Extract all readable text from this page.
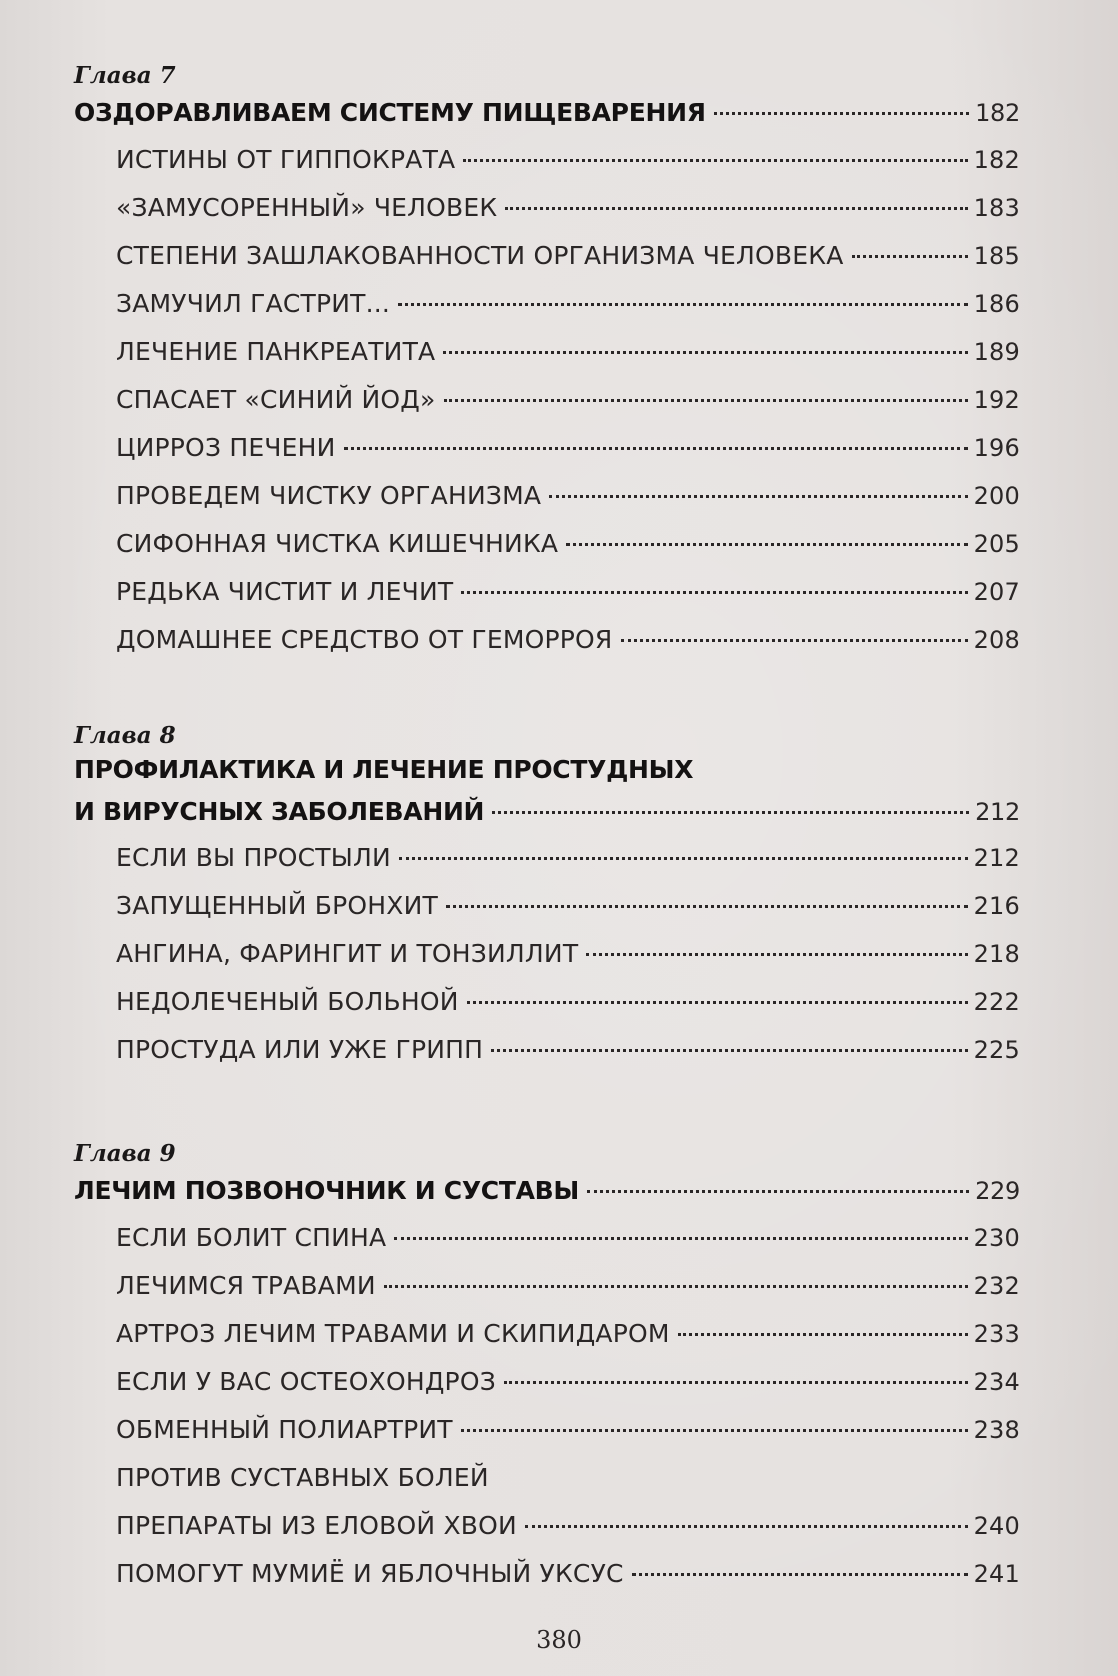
Глава 7
ОЗДОРАВЛИВАЕМ СИСТЕМУ ПИЩЕВАРЕНИЯ	182
ИСТИНЫ ОТ ГИППОКРАТА	182
«ЗАМУСОРЕННЫЙ» ЧЕЛОВЕК	183
СТЕПЕНИ ЗАШЛАКОВАННОСТИ ОРГАНИЗМА ЧЕЛОВЕКА	185
ЗАМУЧИЛ ГАСТРИТ...	186
ЛЕЧЕНИЕ ПАНКРЕАТИТА	189
СПАСАЕТ «СИНИЙ ЙОД»	192
ЦИРРОЗ ПЕЧЕНИ	196
ПРОВЕДЕМ ЧИСТКУ ОРГАНИЗМА	200
СИФОННАЯ ЧИСТКА КИШЕЧНИКА	205
РЕДЬКА ЧИСТИТ И ЛЕЧИТ	207
ДОМАШНЕЕ СРЕДСТВО ОТ ГЕМОРРОЯ	208
Глава 8
ПРОФИЛАКТИКА И ЛЕЧЕНИЕ ПРОСТУДНЫХ
И ВИРУСНЫХ ЗАБОЛЕВАНИЙ	212
ЕСЛИ ВЫ ПРОСТЫЛИ	212
ЗАПУЩЕННЫЙ БРОНХИТ	216
АНГИНА, ФАРИНГИТ И ТОНЗИЛЛИТ	218
НЕДОЛЕЧЕНЫЙ БОЛЬНОЙ	222
ПРОСТУДА ИЛИ УЖЕ ГРИПП	225
Глава 9
ЛЕЧИМ ПОЗВОНОЧНИК И СУСТАВЫ	229
ЕСЛИ БОЛИТ СПИНА	230
ЛЕЧИМСЯ ТРАВАМИ	232
АРТРОЗ ЛЕЧИМ ТРАВАМИ И СКИПИДАРОМ	233
ЕСЛИ У ВАС ОСТЕОХОНДРОЗ	234
ОБМЕННЫЙ ПОЛИАРТРИТ	238
ПРОТИВ СУСТАВНЫХ БОЛЕЙ
ПРЕПАРАТЫ ИЗ ЕЛОВОЙ ХВОИ	240
ПОМОГУТ МУМИЁ И ЯБЛОЧНЫЙ УКСУС	241
380
